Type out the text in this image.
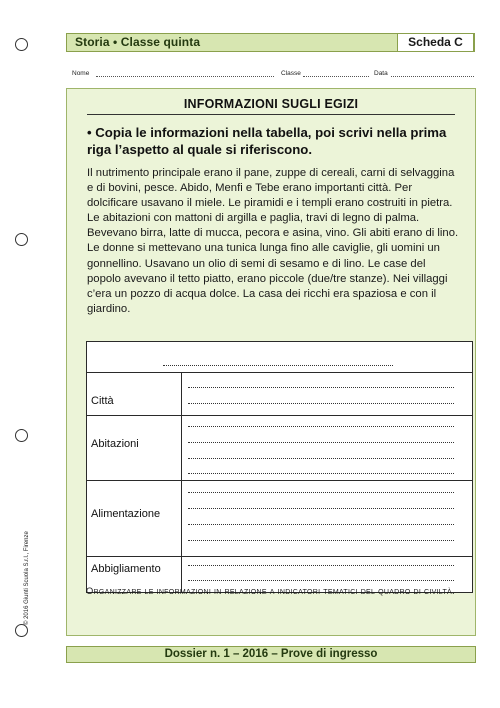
Storia • Classe quinta	Scheda C
Nome	Classe	Data
INFORMAZIONI SUGLI EGIZI
• Copia le informazioni nella tabella, poi scrivi nella prima riga l’aspetto al quale si riferiscono.
Il nutrimento principale erano il pane, zuppe di cereali, carni di selvaggina e di bovini, pesce. Abido, Menfi e Tebe erano importanti città. Per dolcificare usavano il miele. Le piramidi e i templi erano costruiti in pietra. Le abitazioni con mattoni di argilla e paglia, travi di legno di palma. Bevevano birra, latte di mucca, pecora e asina, vino. Gli abiti erano di lino. Le donne si mettevano una tunica lunga fino alle caviglie, gli uomini un gonnellino. Usavano un olio di semi di sesamo e di lino. Le case del popolo avevano il tetto piatto, erano piccole (due/tre stanze). Nei villaggi c’era un pozzo di acqua dolce. La casa dei ricchi era spaziosa e con il giardino.
Città
Abitazioni
Alimentazione
Abbigliamento
Organizzare le informazioni in relazione a indicatori tematici del quadro di civiltà.
© 2016 Giunti Scuola S.r.l., Firenze
Dossier n. 1 – 2016 – Prove di ingresso
